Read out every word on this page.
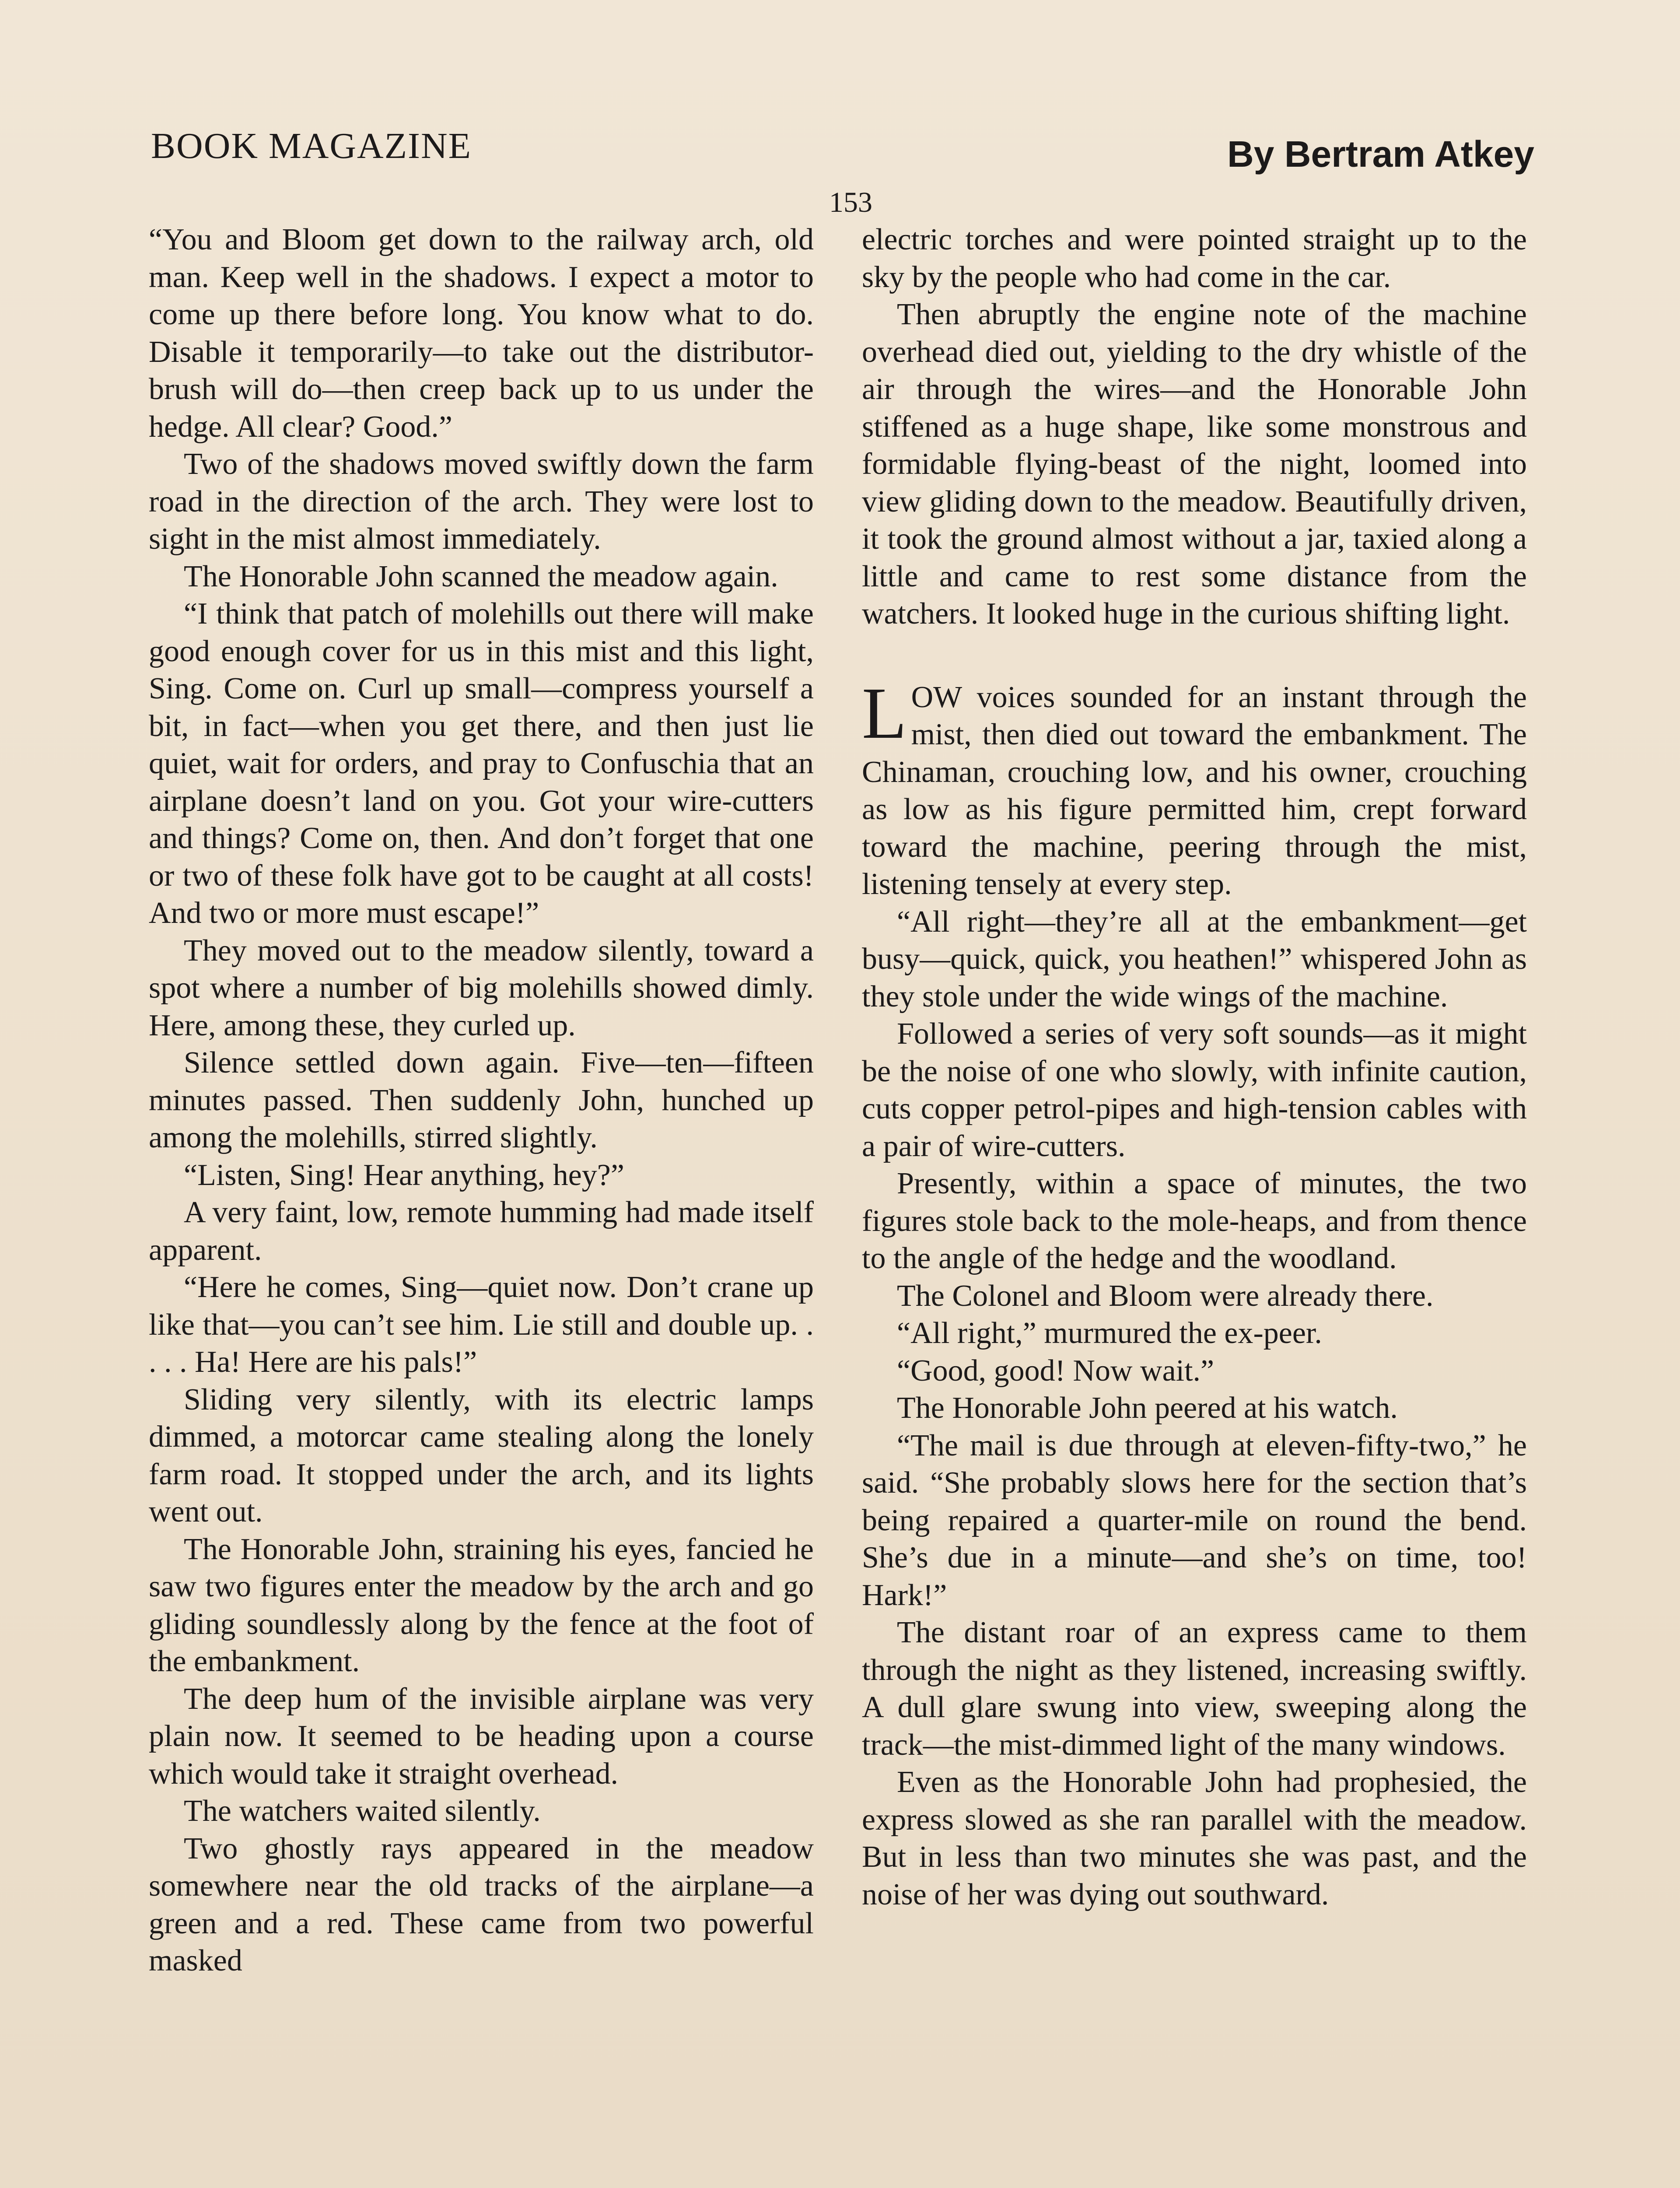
BOOK MAGAZINE	By Bertram Atkey
153

“You and Bloom get down to the railway arch, old man. Keep well in the shadows. I expect a motor to come up there before long. You know what to do. Disable it temporarily—to take out the distributor-brush will do—then creep back up to us under the hedge. All clear? Good.”

Two of the shadows moved swiftly down the farm road in the direction of the arch. They were lost to sight in the mist almost immediately.

The Honorable John scanned the meadow again.

“I think that patch of molehills out there will make good enough cover for us in this mist and this light, Sing. Come on. Curl up small—compress yourself a bit, in fact—when you get there, and then just lie quiet, wait for orders, and pray to Confuschia that an airplane doesn’t land on you. Got your wire-cutters and things? Come on, then. And don’t forget that one or two of these folk have got to be caught at all costs! And two or more must escape!”

They moved out to the meadow silently, toward a spot where a number of big molehills showed dimly. Here, among these, they curled up.

Silence settled down again. Five—ten—fifteen minutes passed. Then suddenly John, hunched up among the molehills, stirred slightly.

“Listen, Sing! Hear anything, hey?”

A very faint, low, remote humming had made itself apparent.

“Here he comes, Sing—quiet now. Don’t crane up like that—you can’t see him. Lie still and double up. . . . . Ha! Here are his pals!”

Sliding very silently, with its electric lamps dimmed, a motorcar came stealing along the lonely farm road. It stopped under the arch, and its lights went out.

The Honorable John, straining his eyes, fancied he saw two figures enter the meadow by the arch and go gliding soundlessly along by the fence at the foot of the embankment.

The deep hum of the invisible airplane was very plain now. It seemed to be heading upon a course which would take it straight overhead.

The watchers waited silently.

Two ghostly rays appeared in the meadow somewhere near the old tracks of the airplane—a green and a red. These came from two powerful masked

electric torches and were pointed straight up to the sky by the people who had come in the car.

Then abruptly the engine note of the machine overhead died out, yielding to the dry whistle of the air through the wires—and the Honorable John stiffened as a huge shape, like some monstrous and formidable flying-beast of the night, loomed into view gliding down to the meadow. Beautifully driven, it took the ground almost without a jar, taxied along a little and came to rest some distance from the watchers. It looked huge in the curious shifting light.

LOW voices sounded for an instant through the mist, then died out toward the embankment. The Chinaman, crouching low, and his owner, crouching as low as his figure permitted him, crept forward toward the machine, peering through the mist, listening tensely at every step.

“All right—they’re all at the embankment—get busy—quick, quick, you heathen!” whispered John as they stole under the wide wings of the machine.

Followed a series of very soft sounds—as it might be the noise of one who slowly, with infinite caution, cuts copper petrol-pipes and high-tension cables with a pair of wire-cutters.

Presently, within a space of minutes, the two figures stole back to the mole-heaps, and from thence to the angle of the hedge and the woodland.

The Colonel and Bloom were already there.

“All right,” murmured the ex-peer.

“Good, good! Now wait.”

The Honorable John peered at his watch.

“The mail is due through at eleven-fifty-two,” he said. “She probably slows here for the section that’s being repaired a quarter-mile on round the bend. She’s due in a minute—and she’s on time, too! Hark!”

The distant roar of an express came to them through the night as they listened, increasing swiftly. A dull glare swung into view, sweeping along the track—the mist-dimmed light of the many windows.

Even as the Honorable John had prophesied, the express slowed as she ran parallel with the meadow. But in less than two minutes she was past, and the noise of her was dying out southward.
